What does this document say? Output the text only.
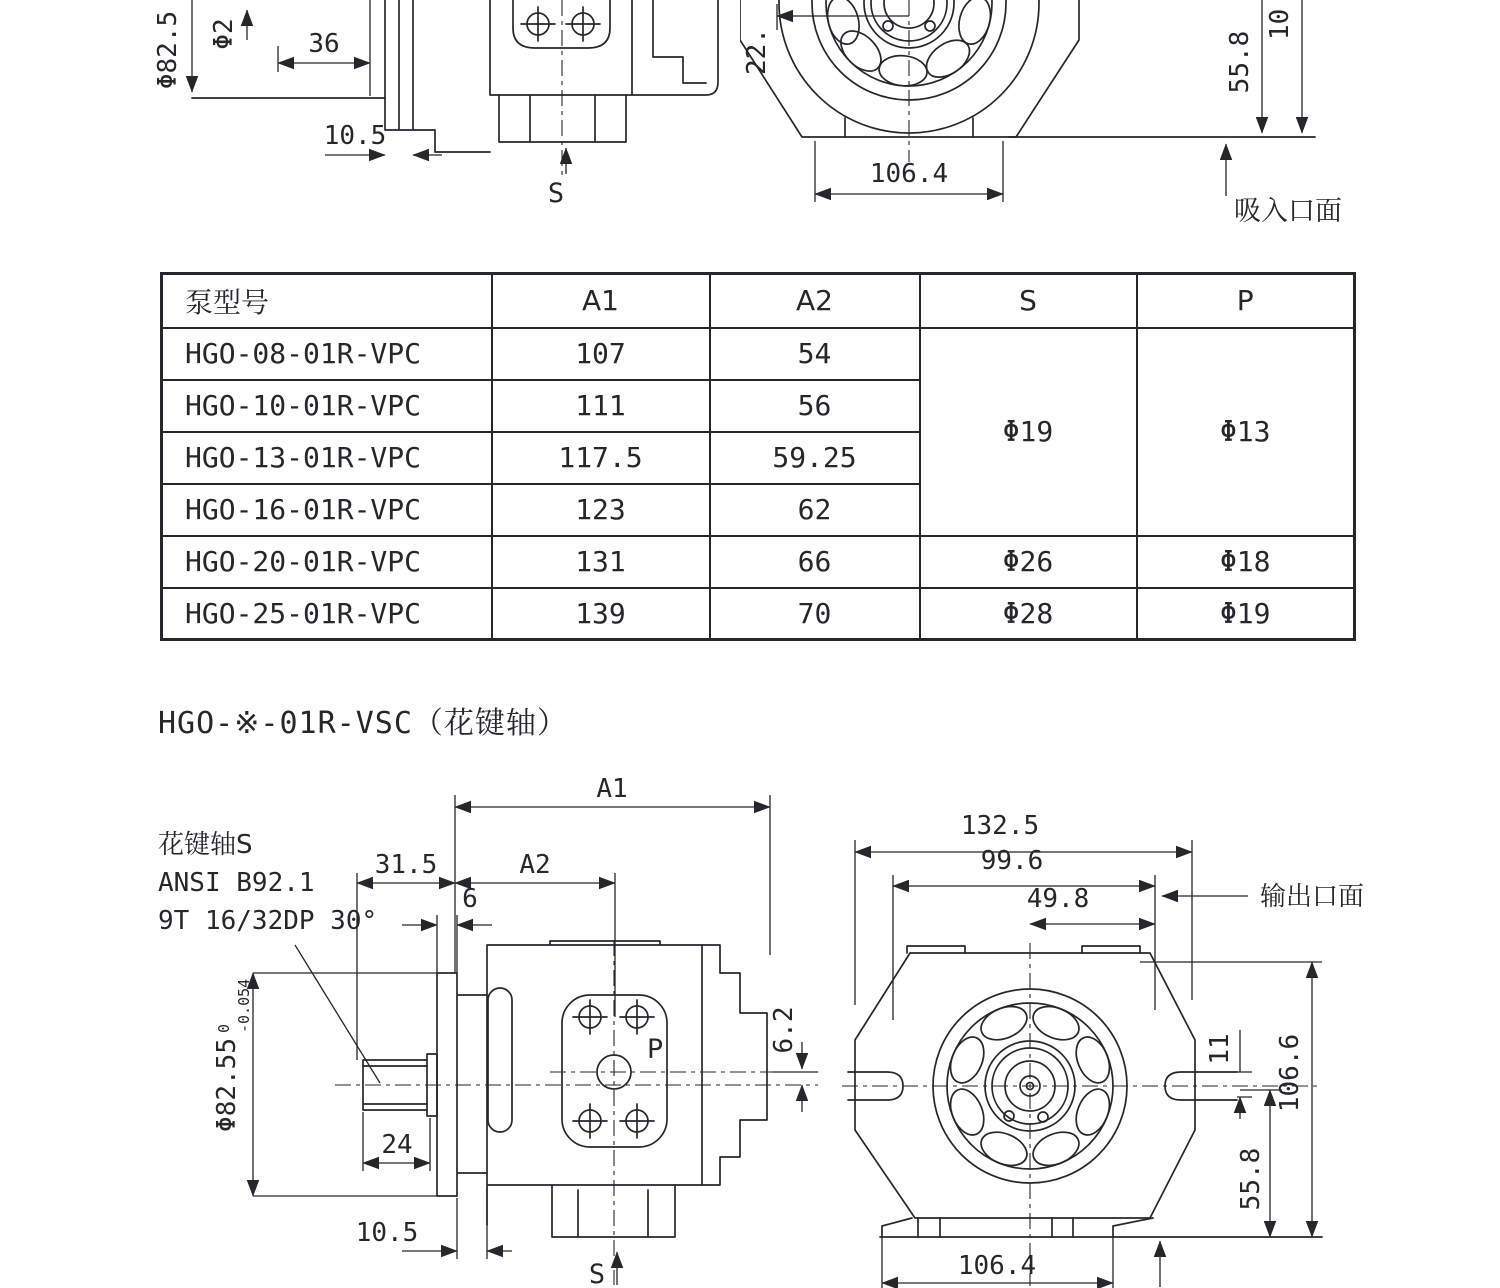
Φ82.5 Φ2	36
10.5
S
22.	55.8
10
106.4
吸入口面
泵型号	A1	A2	S	P
HGO-08-01R-VPC	107	54	Φ19	Φ13
HGO-10-01R-VPC	111	56		
HGO-13-01R-VPC	117.5	59.25		
HGO-16-01R-VPC	123	62		
HGO-20-01R-VPC	131	66	Φ26	Φ18
HGO-25-01R-VPC	139	70	Φ28	Φ19
HGO-※-01R-VSC（花键轴）
花键轴S
ANSI B92.1
9T 16/32DP 30°
A1
31.5	A2
6
Φ82.55
0 -0.054
24
10.5
P	6.2
S
132.5
99.6
49.8	输出口面
11 106.6
55.8
106.4
